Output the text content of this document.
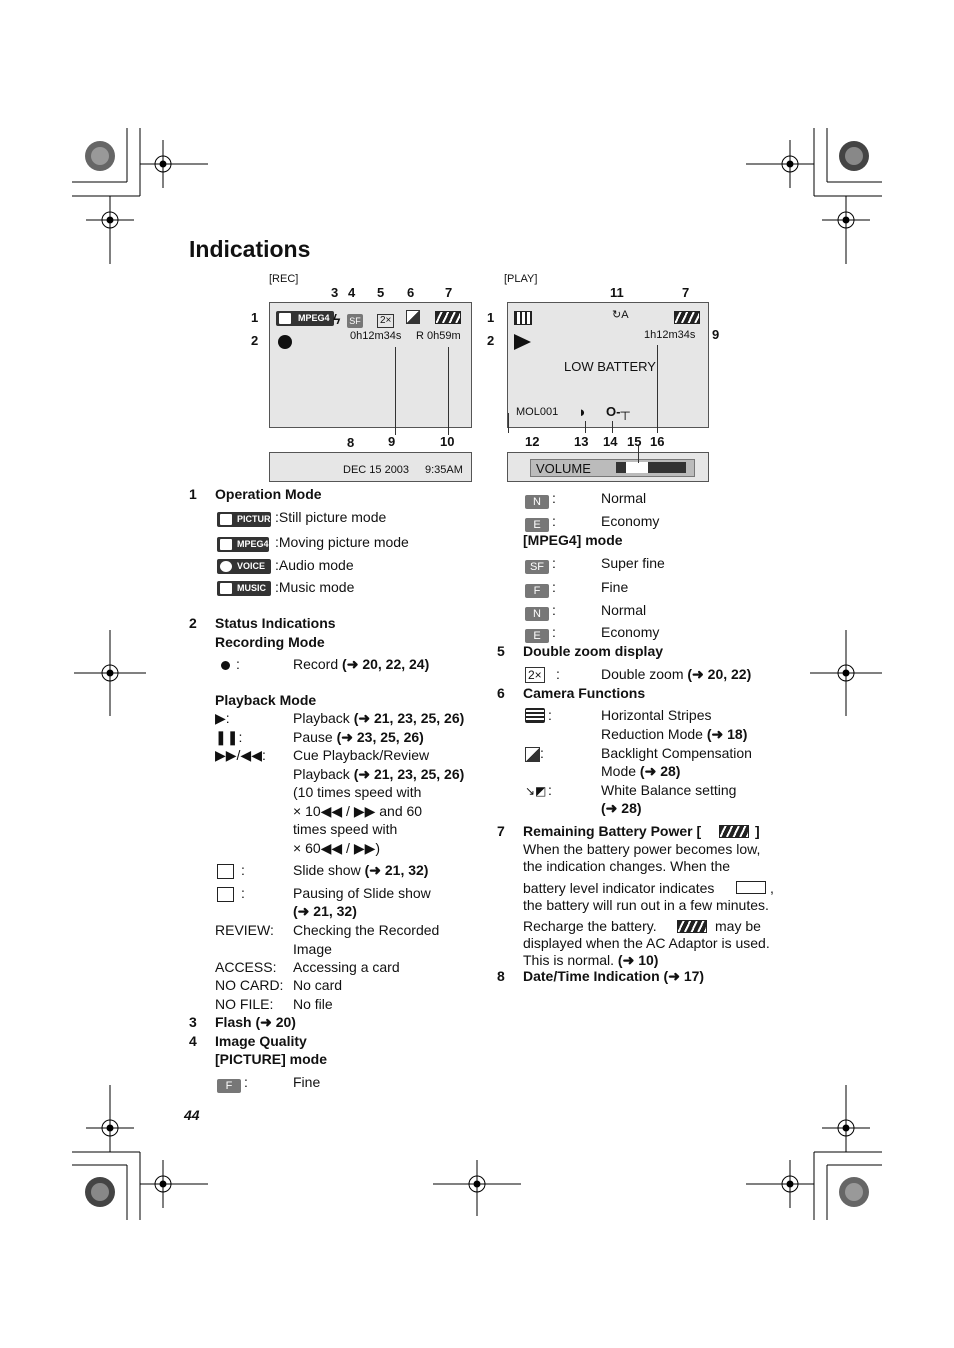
Indications
[REC]
MPEG4 ϟ SF	2×
0h12m34s R 0h59m
DEC 15 2003 9:35AM
3 4 5 6 7
1
2
8	9	10
[PLAY]
↻A
1h12m34s
LOW BATTERY
MOL001 ◗ O‑┬
VOLUME
11	7
1
2	9
12	13 14 15 16
1 Operation Mode
PICTURE
:Still picture mode
MPEG4 :Moving picture mode
VOICE :Audio mode
MUSIC :Music mode
2 Status Indications
Recording Mode
:	Record (➜ 20, 22, 24)
Playback Mode
▶:	Playback (➜ 21, 23, 25, 26)
❚❚:	Pause (➜ 23, 25, 26)
▶▶/◀◀: Cue Playback/Review
Playback (➜ 21, 23, 25, 26)
(10 times speed with
× 10◀◀ / ▶▶ and 60
times speed with
× 60◀◀ / ▶▶)
:	Slide show (➜ 21, 32)
:	Pausing of Slide show
(➜ 21, 32)
REVIEW: Checking the Recorded
Image
ACCESS: Accessing a card
NO CARD: No card
NO FILE: No file
3 Flash (➜ 20)
4 Image Quality
[PICTURE] mode
F :	Fine
44
N :	Normal
E :	Economy
[MPEG4] mode
SF :	Super fine
F :	Fine
N :	Normal
E :	Economy
5 Double zoom display
2× :	Double zoom (➜ 20, 22)
6 Camera Functions
:	Horizontal Stripes
Reduction Mode (➜ 18)
:	Backlight Compensation
Mode (➜ 28)
↘◩ :	White Balance setting
(➜ 28)
7 Remaining Battery Power [	]
When the battery power becomes low,
the indication changes. When the
battery level indicator indicates	,
the battery will run out in a few minutes.
Recharge the battery.	may be
displayed when the AC Adaptor is used.
This is normal. (➜ 10)
8 Date/Time Indication (➜ 17)
